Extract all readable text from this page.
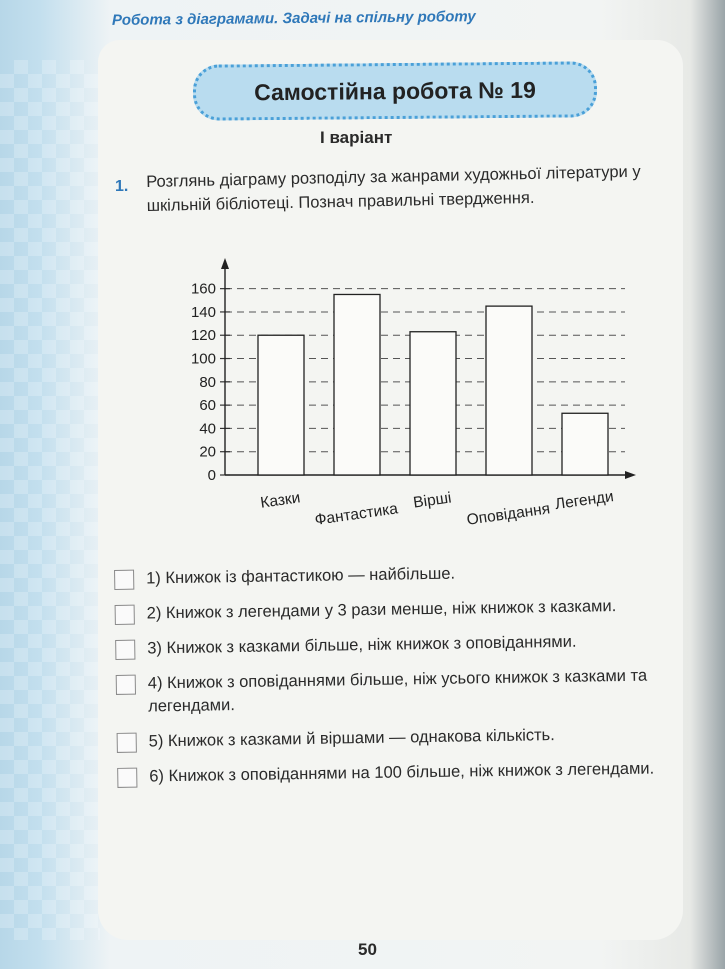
Робота з діаграмами. Задачі на спільну роботу
Самостійна робота № 19
І варіант
1. Розглянь діаграму розподілу за жанрами художньої літератури у шкільній бібліотеці. Познач правильні твердження.
0
20
40
60
80
100
120
140
160
Казки Фантастика Вірші Оповідання Легенди
1) Книжок із фантастикою — найбільше.
2) Книжок з легендами у 3 рази менше, ніж книжок з казками.
3) Книжок з казками більше, ніж книжок з оповіданнями.
4) Книжок з оповіданнями більше, ніж усього книжок з казками та легендами.
5) Книжок з казками й віршами — однакова кількість.
6) Книжок з оповіданнями на 100 більше, ніж книжок з легендами.
50
